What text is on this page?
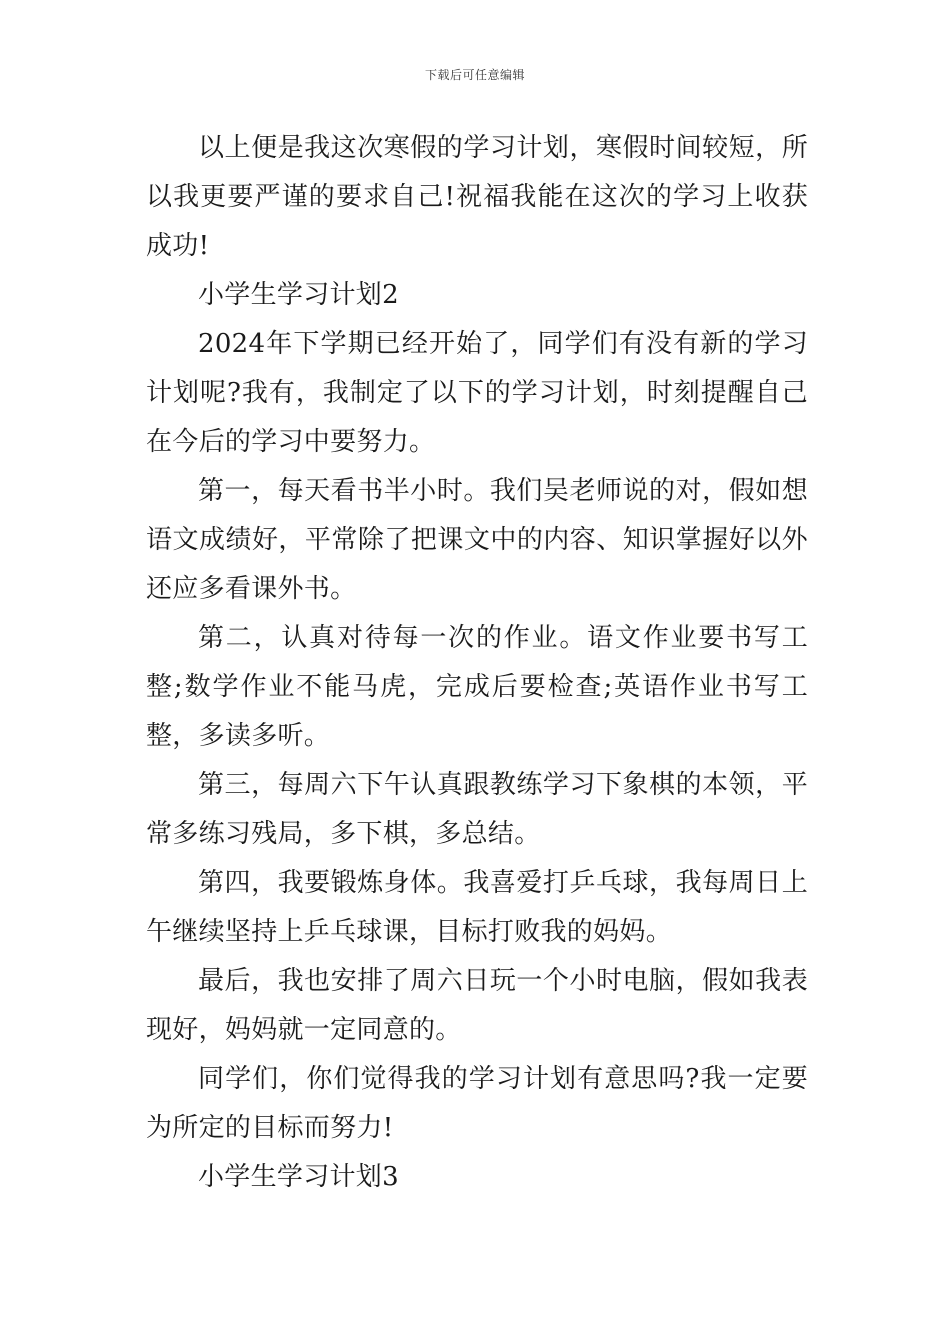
下载后可任意编辑

以上便是我这次寒假的学习计划，寒假时间较短，所以我更要严谨的要求自己!祝福我能在这次的学习上收获成功!

小学生学习计划2

2024年下学期已经开始了，同学们有没有新的学习计划呢?我有，我制定了以下的学习计划，时刻提醒自己在今后的学习中要努力。

第一，每天看书半小时。我们吴老师说的对，假如想语文成绩好，平常除了把课文中的内容、知识掌握好以外还应多看课外书。

第二，认真对待每一次的作业。语文作业要书写工整;数学作业不能马虎，完成后要检查;英语作业书写工整，多读多听。

第三，每周六下午认真跟教练学习下象棋的本领，平常多练习残局，多下棋，多总结。

第四，我要锻炼身体。我喜爱打乒乓球，我每周日上午继续坚持上乒乓球课，目标打败我的妈妈。

最后，我也安排了周六日玩一个小时电脑，假如我表现好，妈妈就一定同意的。

同学们，你们觉得我的学习计划有意思吗?我一定要为所定的目标而努力!

小学生学习计划3
